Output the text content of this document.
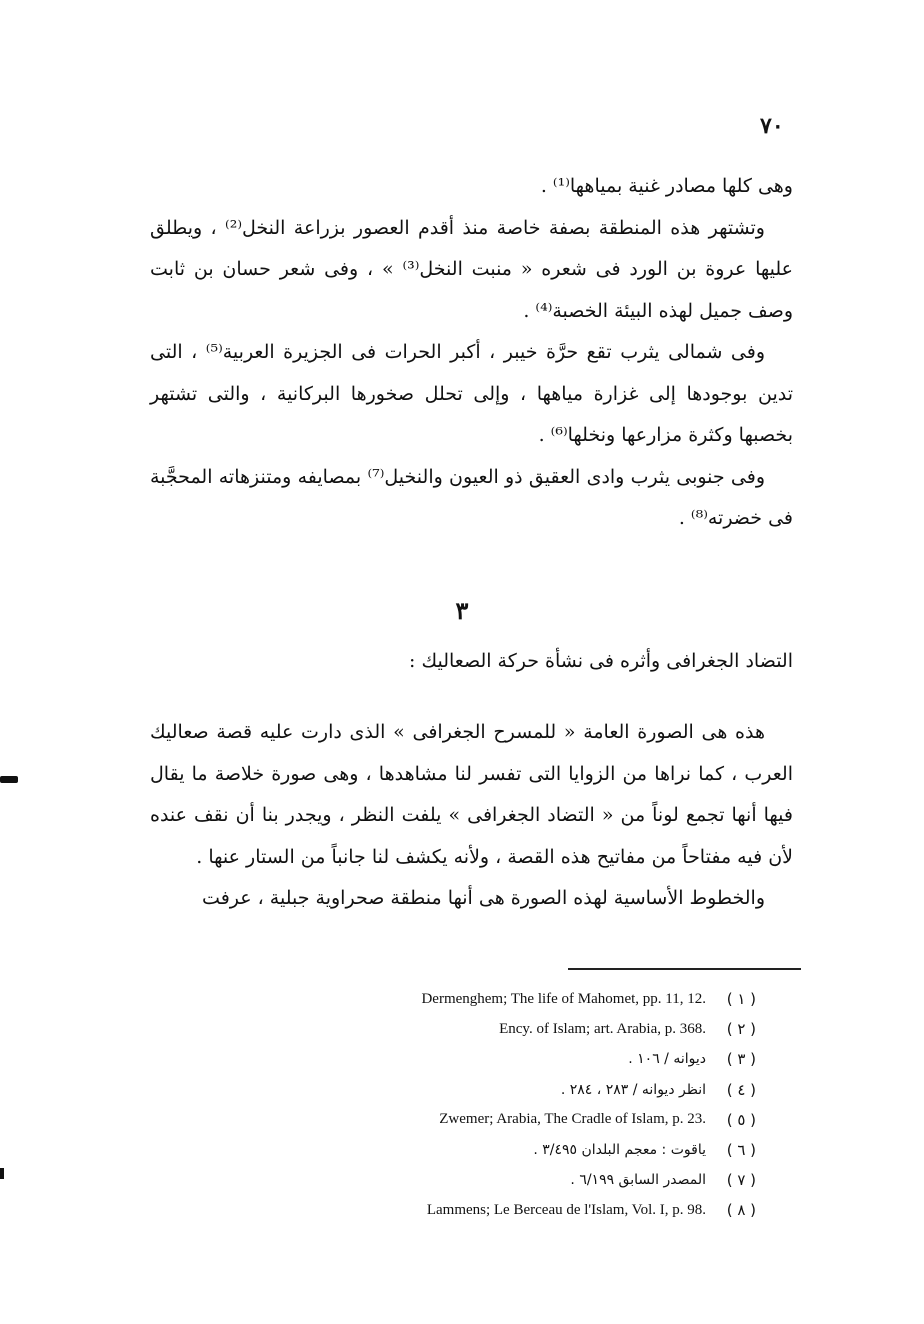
٧٠

وهى كلها مصادر غنية بمياهها⁽¹⁾ .

وتشتهر هذه المنطقة بصفة خاصة منذ أقدم العصور بزراعة النخل⁽²⁾ ، ويطلق عليها عروة بن الورد فى شعره « منبت النخل⁽³⁾ » ، وفى شعر حسان بن ثابت وصف جميل لهذه البيئة الخصبة⁽⁴⁾ .

وفى شمالى يثرب تقع حرَّة خيبر ، أكبر الحرات فى الجزيرة العربية⁽⁵⁾ ، التى تدين بوجودها إلى غزارة مياهها ، وإلى تحلل صخورها البركانية ، والتى تشتهر بخصبها وكثرة مزارعها ونخلها⁽⁶⁾ .

وفى جنوبى يثرب وادى العقيق ذو العيون والنخيل⁽⁷⁾ بمصايفه ومتنزهاته المحجَّبة فى خضرته⁽⁸⁾ .

٣
التضاد الجغرافى وأثره فى نشأة حركة الصعاليك :

هذه هى الصورة العامة « للمسرح الجغرافى » الذى دارت عليه قصة صعاليك العرب ، كما نراها من الزوايا التى تفسر لنا مشاهدها ، وهى صورة خلاصة ما يقال فيها أنها تجمع لوناً من « التضاد الجغرافى » يلفت النظر ، ويجدر بنا أن نقف عنده لأن فيه مفتاحاً من مفاتيح هذه القصة ، ولأنه يكشف لنا جانباً من الستار عنها .

والخطوط الأساسية لهذه الصورة هى أنها منطقة صحراوية جبلية ، عرفت

Dermenghem; The life of Mahomet, pp. 11, 12.	( ١ )
Ency. of Islam; art. Arabia, p. 368.	( ٢ )
ديوانه / ١٠٦ .	( ٣ )
انظر ديوانه / ٢٨٣ ، ٢٨٤ .	( ٤ )
Zwemer; Arabia, The Cradle of Islam, p. 23.	( ٥ )
ياقوت : معجم البلدان ٣/٤٩٥ .	( ٦ )
المصدر السابق ٦/١٩٩ .	( ٧ )
Lammens; Le Berceau de l'Islam, Vol. I, p. 98.	( ٨ )
